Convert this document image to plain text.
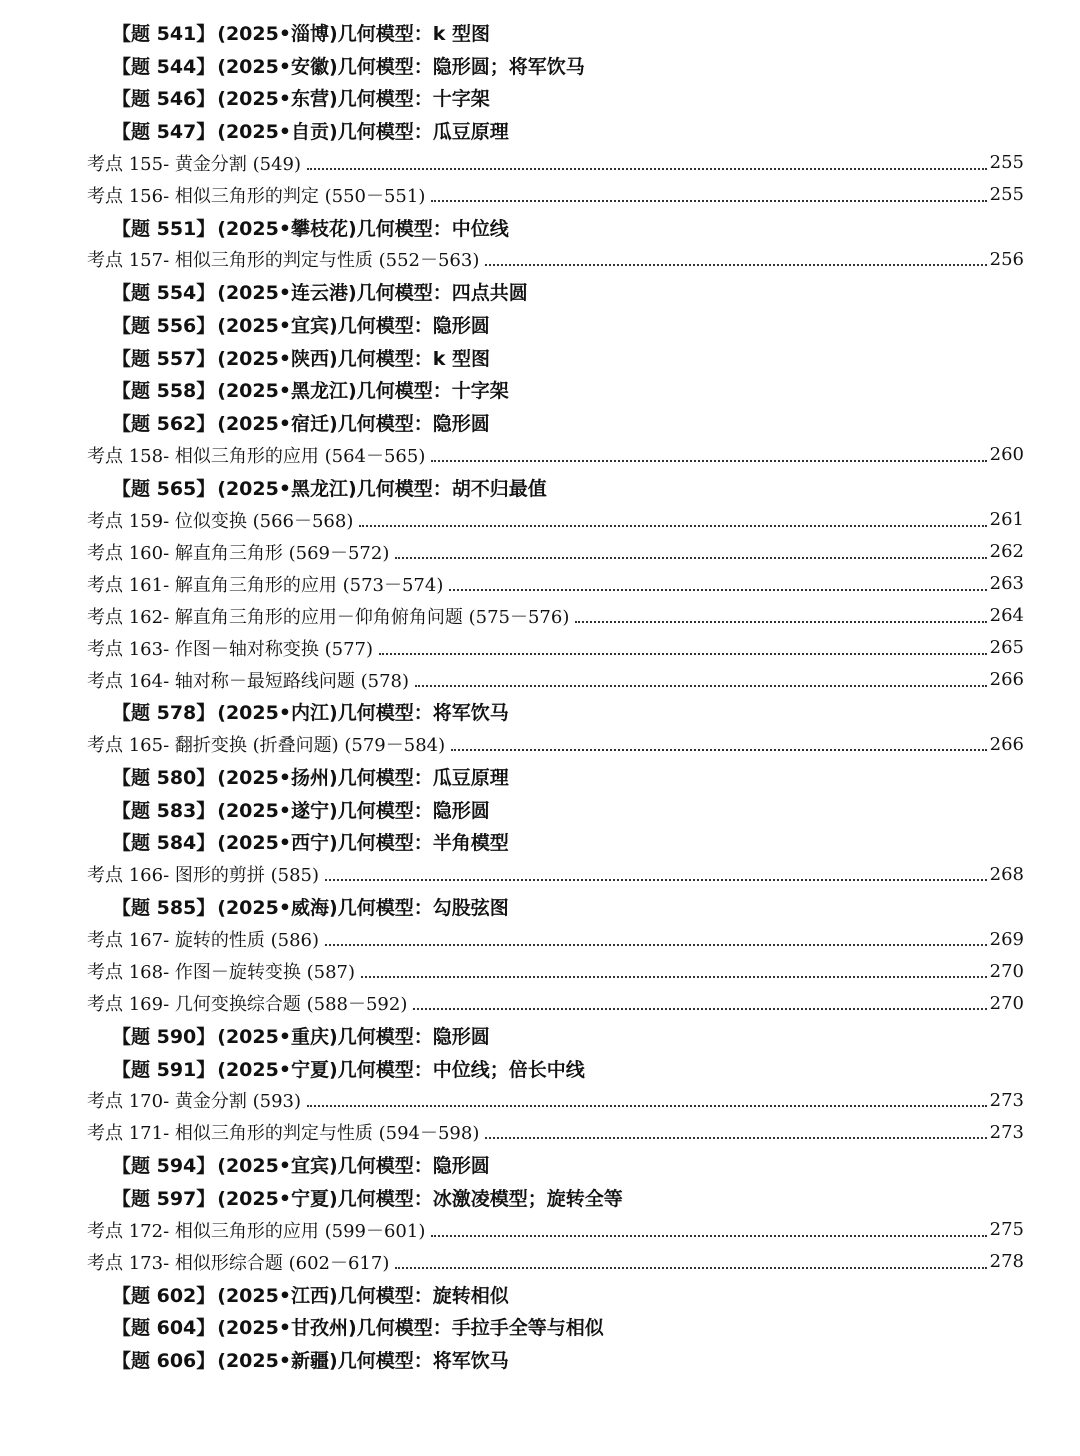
【题 541】 (2025•淄博) 几何模型：k 型图
【题 544】 (2025•安徽) 几何模型：隐形圆；将军饮马
【题 546】 (2025•东营) 几何模型：十字架
【题 547】 (2025•自贡) 几何模型：瓜豆原理
考点 155- 黄金分割 (549)	255
考点 156- 相似三角形的判定 (550－551)	255
【题 551】 (2025•攀枝花) 几何模型：中位线
考点 157- 相似三角形的判定与性质 (552－563)	256
【题 554】 (2025•连云港) 几何模型：四点共圆
【题 556】 (2025•宜宾) 几何模型：隐形圆
【题 557】 (2025•陕西) 几何模型：k 型图
【题 558】 (2025•黑龙江) 几何模型：十字架
【题 562】 (2025•宿迁) 几何模型：隐形圆
考点 158- 相似三角形的应用 (564－565)	260
【题 565】 (2025•黑龙江) 几何模型：胡不归最值
考点 159- 位似变换 (566－568)	261
考点 160- 解直角三角形 (569－572)	262
考点 161- 解直角三角形的应用 (573－574)	263
考点 162- 解直角三角形的应用－仰角俯角问题 (575－576)	264
考点 163- 作图－轴对称变换 (577)	265
考点 164- 轴对称－最短路线问题 (578)	266
【题 578】 (2025•内江) 几何模型：将军饮马
考点 165- 翻折变换 (折叠问题) (579－584)	266
【题 580】 (2025•扬州) 几何模型：瓜豆原理
【题 583】 (2025•遂宁) 几何模型：隐形圆
【题 584】 (2025•西宁) 几何模型：半角模型
考点 166- 图形的剪拼 (585)	268
【题 585】 (2025•威海) 几何模型：勾股弦图
考点 167- 旋转的性质 (586)	269
考点 168- 作图－旋转变换 (587)	270
考点 169- 几何变换综合题 (588－592)	270
【题 590】 (2025•重庆) 几何模型：隐形圆
【题 591】 (2025•宁夏) 几何模型：中位线；倍长中线
考点 170- 黄金分割 (593)	273
考点 171- 相似三角形的判定与性质 (594－598)	273
【题 594】 (2025•宜宾) 几何模型：隐形圆
【题 597】 (2025•宁夏) 几何模型：冰激凌模型；旋转全等
考点 172- 相似三角形的应用 (599－601)	275
考点 173- 相似形综合题 (602－617)	278
【题 602】 (2025•江西) 几何模型：旋转相似
【题 604】 (2025•甘孜州) 几何模型：手拉手全等与相似
【题 606】 (2025•新疆) 几何模型：将军饮马
